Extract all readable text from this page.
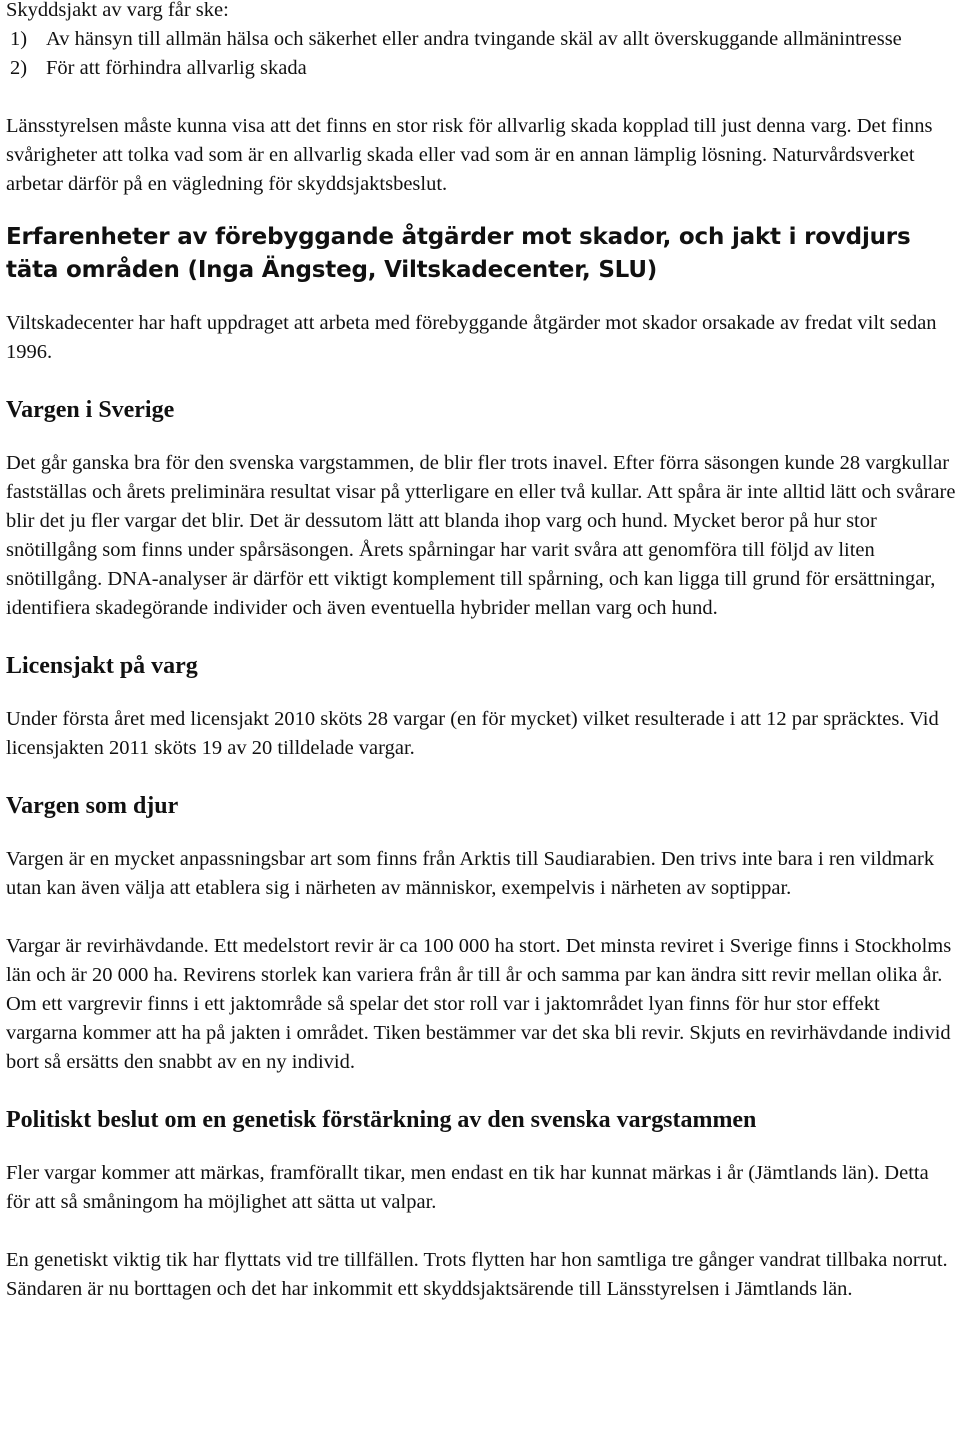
Skyddsjakt av varg får ske:

1) Av hänsyn till allmän hälsa och säkerhet eller andra tvingande skäl av allt överskuggande allmänintresse
2) För att förhindra allvarlig skada

Länsstyrelsen måste kunna visa att det finns en stor risk för allvarlig skada kopplad till just denna varg. Det finns svårigheter att tolka vad som är en allvarlig skada eller vad som är en annan lämplig lösning. Naturvårdsverket arbetar därför på en vägledning för skyddsjaktsbeslut.

Erfarenheter av förebyggande åtgärder mot skador, och jakt i rovdjurs täta områden (Inga Ängsteg, Viltskadecenter, SLU)

Viltskadecenter har haft uppdraget att arbeta med förebyggande åtgärder mot skador orsakade av fredat vilt sedan 1996.

Vargen i Sverige

Det går ganska bra för den svenska vargstammen, de blir fler trots inavel. Efter förra säsongen kunde 28 vargkullar fastställas och årets preliminära resultat visar på ytterligare en eller två kullar. Att spåra är inte alltid lätt och svårare blir det ju fler vargar det blir. Det är dessutom lätt att blanda ihop varg och hund. Mycket beror på hur stor snötillgång som finns under spårsäsongen. Årets spårningar har varit svåra att genomföra till följd av liten snötillgång. DNA-analyser är därför ett viktigt komplement till spårning, och kan ligga till grund för ersättningar, identifiera skadegörande individer och även eventuella hybrider mellan varg och hund.

Licensjakt på varg

Under första året med licensjakt 2010 sköts 28 vargar (en för mycket) vilket resulterade i att 12 par spräcktes. Vid licensjakten 2011 sköts 19 av 20 tilldelade vargar.

Vargen som djur

Vargen är en mycket anpassningsbar art som finns från Arktis till Saudiarabien. Den trivs inte bara i ren vildmark utan kan även välja att etablera sig i närheten av människor, exempelvis i närheten av soptippar.

Vargar är revirhävdande. Ett medelstort revir är ca 100 000 ha stort. Det minsta reviret i Sverige finns i Stockholms län och är 20 000 ha. Revirens storlek kan variera från år till år och samma par kan ändra sitt revir mellan olika år. Om ett vargrevir finns i ett jaktområde så spelar det stor roll var i jaktområdet lyan finns för hur stor effekt vargarna kommer att ha på jakten i området. Tiken bestämmer var det ska bli revir. Skjuts en revirhävdande individ bort så ersätts den snabbt av en ny individ.

Politiskt beslut om en genetisk förstärkning av den svenska vargstammen

Fler vargar kommer att märkas, framförallt tikar, men endast en tik har kunnat märkas i år (Jämtlands län). Detta för att så småningom ha möjlighet att sätta ut valpar.

En genetiskt viktig tik har flyttats vid tre tillfällen. Trots flytten har hon samtliga tre gånger vandrat tillbaka norrut. Sändaren är nu borttagen och det har inkommit ett skyddsjaktsärende till Länsstyrelsen i Jämtlands län.
